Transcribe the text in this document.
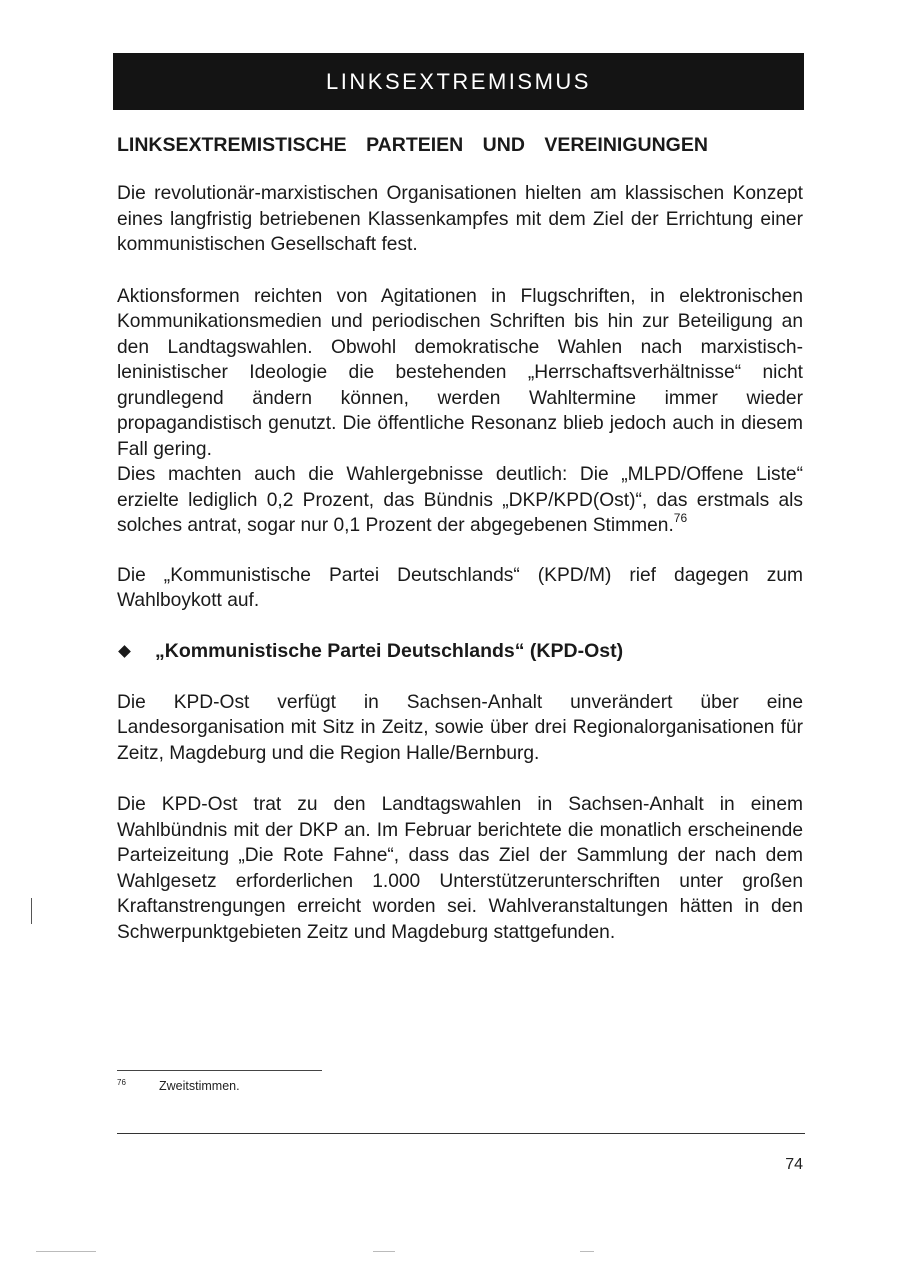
LINKSEXTREMISMUS
LINKSEXTREMISTISCHE PARTEIEN UND VEREINIGUNGEN

Die revolutionär-marxistischen Organisationen hielten am klassischen Konzept eines langfristig betriebenen Klassenkampfes mit dem Ziel der Errichtung einer kommunistischen Gesellschaft fest.

Aktionsformen reichten von Agitationen in Flugschriften, in elektronischen Kommunikationsmedien und periodischen Schriften bis hin zur Beteiligung an den Landtagswahlen. Obwohl demokratische Wahlen nach marxistisch-leninistischer Ideologie die bestehenden „Herrschaftsverhältnisse“ nicht grundlegend ändern können, werden Wahltermine immer wieder propagandistisch genutzt. Die öffentliche Resonanz blieb jedoch auch in diesem Fall gering.

Dies machten auch die Wahlergebnisse deutlich: Die „MLPD/Offene Liste“ erzielte lediglich 0,2 Prozent, das Bündnis „DKP/KPD(Ost)“, das erstmals als solches antrat, sogar nur 0,1 Prozent der abgegebenen Stimmen.$^{76}$

Die „Kommunistische Partei Deutschlands“ (KPD/M) rief dagegen zum Wahlboykott auf.

„Kommunistische Partei Deutschlands“ (KPD-Ost)

Die KPD-Ost verfügt in Sachsen-Anhalt unverändert über eine Landesorganisation mit Sitz in Zeitz, sowie über drei Regionalorganisationen für Zeitz, Magdeburg und die Region Halle/Bernburg.

Die KPD-Ost trat zu den Landtagswahlen in Sachsen-Anhalt in einem Wahlbündnis mit der DKP an. Im Februar berichtete die monatlich erscheinende Parteizeitung „Die Rote Fahne“, dass das Ziel der Sammlung der nach dem Wahlgesetz erforderlichen 1.000 Unterstützerunterschriften unter großen Kraftanstrengungen erreicht worden sei. Wahlveranstaltungen hätten in den Schwerpunktgebieten Zeitz und Magdeburg stattgefunden.

76	Zweitstimmen.
74
